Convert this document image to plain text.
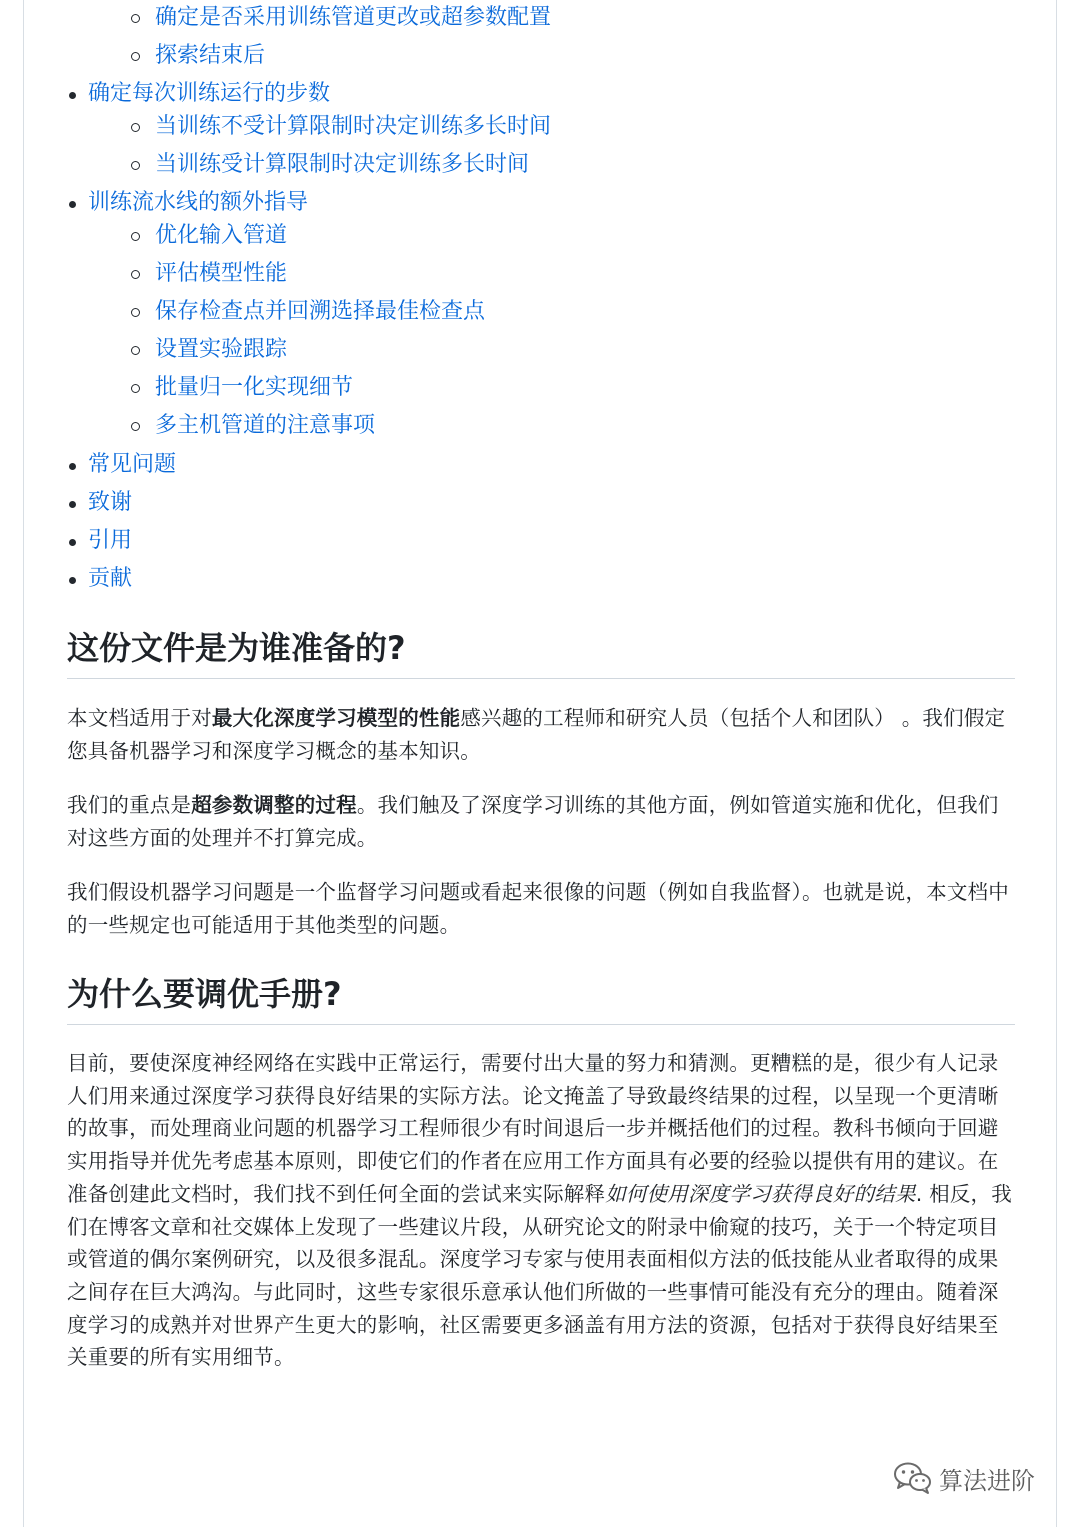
确定是否采用训练管道更改或超参数配置
探索结束后
确定每次训练运行的步数
当训练不受计算限制时决定训练多长时间
当训练受计算限制时决定训练多长时间
训练流水线的额外指导
优化输入管道
评估模型性能
保存检查点并回溯选择最佳检查点
设置实验跟踪
批量归一化实现细节
多主机管道的注意事项
常见问题
致谢
引用
贡献
这份文件是为谁准备的?

本文档适用于对最大化深度学习模型的性能感兴趣的工程师和研究人员（包括个人和团队） 。我们假定您具备机器学习和深度学习概念的基本知识。

我们的重点是超参数调整的过程。我们触及了深度学习训练的其他方面，例如管道实施和优化，但我们对这些方面的处理并不打算完成。

我们假设机器学习问题是一个监督学习问题或看起来很像的问题（例如自我监督）。也就是说，本文档中的一些规定也可能适用于其他类型的问题。

为什么要调优手册?

目前，要使深度神经网络在实践中正常运行，需要付出大量的努力和猜测。更糟糕的是，很少有人记录人们用来通过深度学习获得良好结果的实际方法。论文掩盖了导致最终结果的过程，以呈现一个更清晰的故事，而处理商业问题的机器学习工程师很少有时间退后一步并概括他们的过程。教科书倾向于回避实用指导并优先考虑基本原则，即使它们的作者在应用工作方面具有必要的经验以提供有用的建议。在准备创建此文档时，我们找不到任何全面的尝试来实际解释如何使用深度学习获得良好的结果. 相反，我们在博客文章和社交媒体上发现了一些建议片段，从研究论文的附录中偷窥的技巧，关于一个特定项目或管道的偶尔案例研究，以及很多混乱。深度学习专家与使用表面相似方法的低技能从业者取得的成果之间存在巨大鸿沟。与此同时，这些专家很乐意承认他们所做的一些事情可能没有充分的理由。随着深度学习的成熟并对世界产生更大的影响，社区需要更多涵盖有用方法的资源，包括对于获得良好结果至关重要的所有实用细节。

算法进阶
